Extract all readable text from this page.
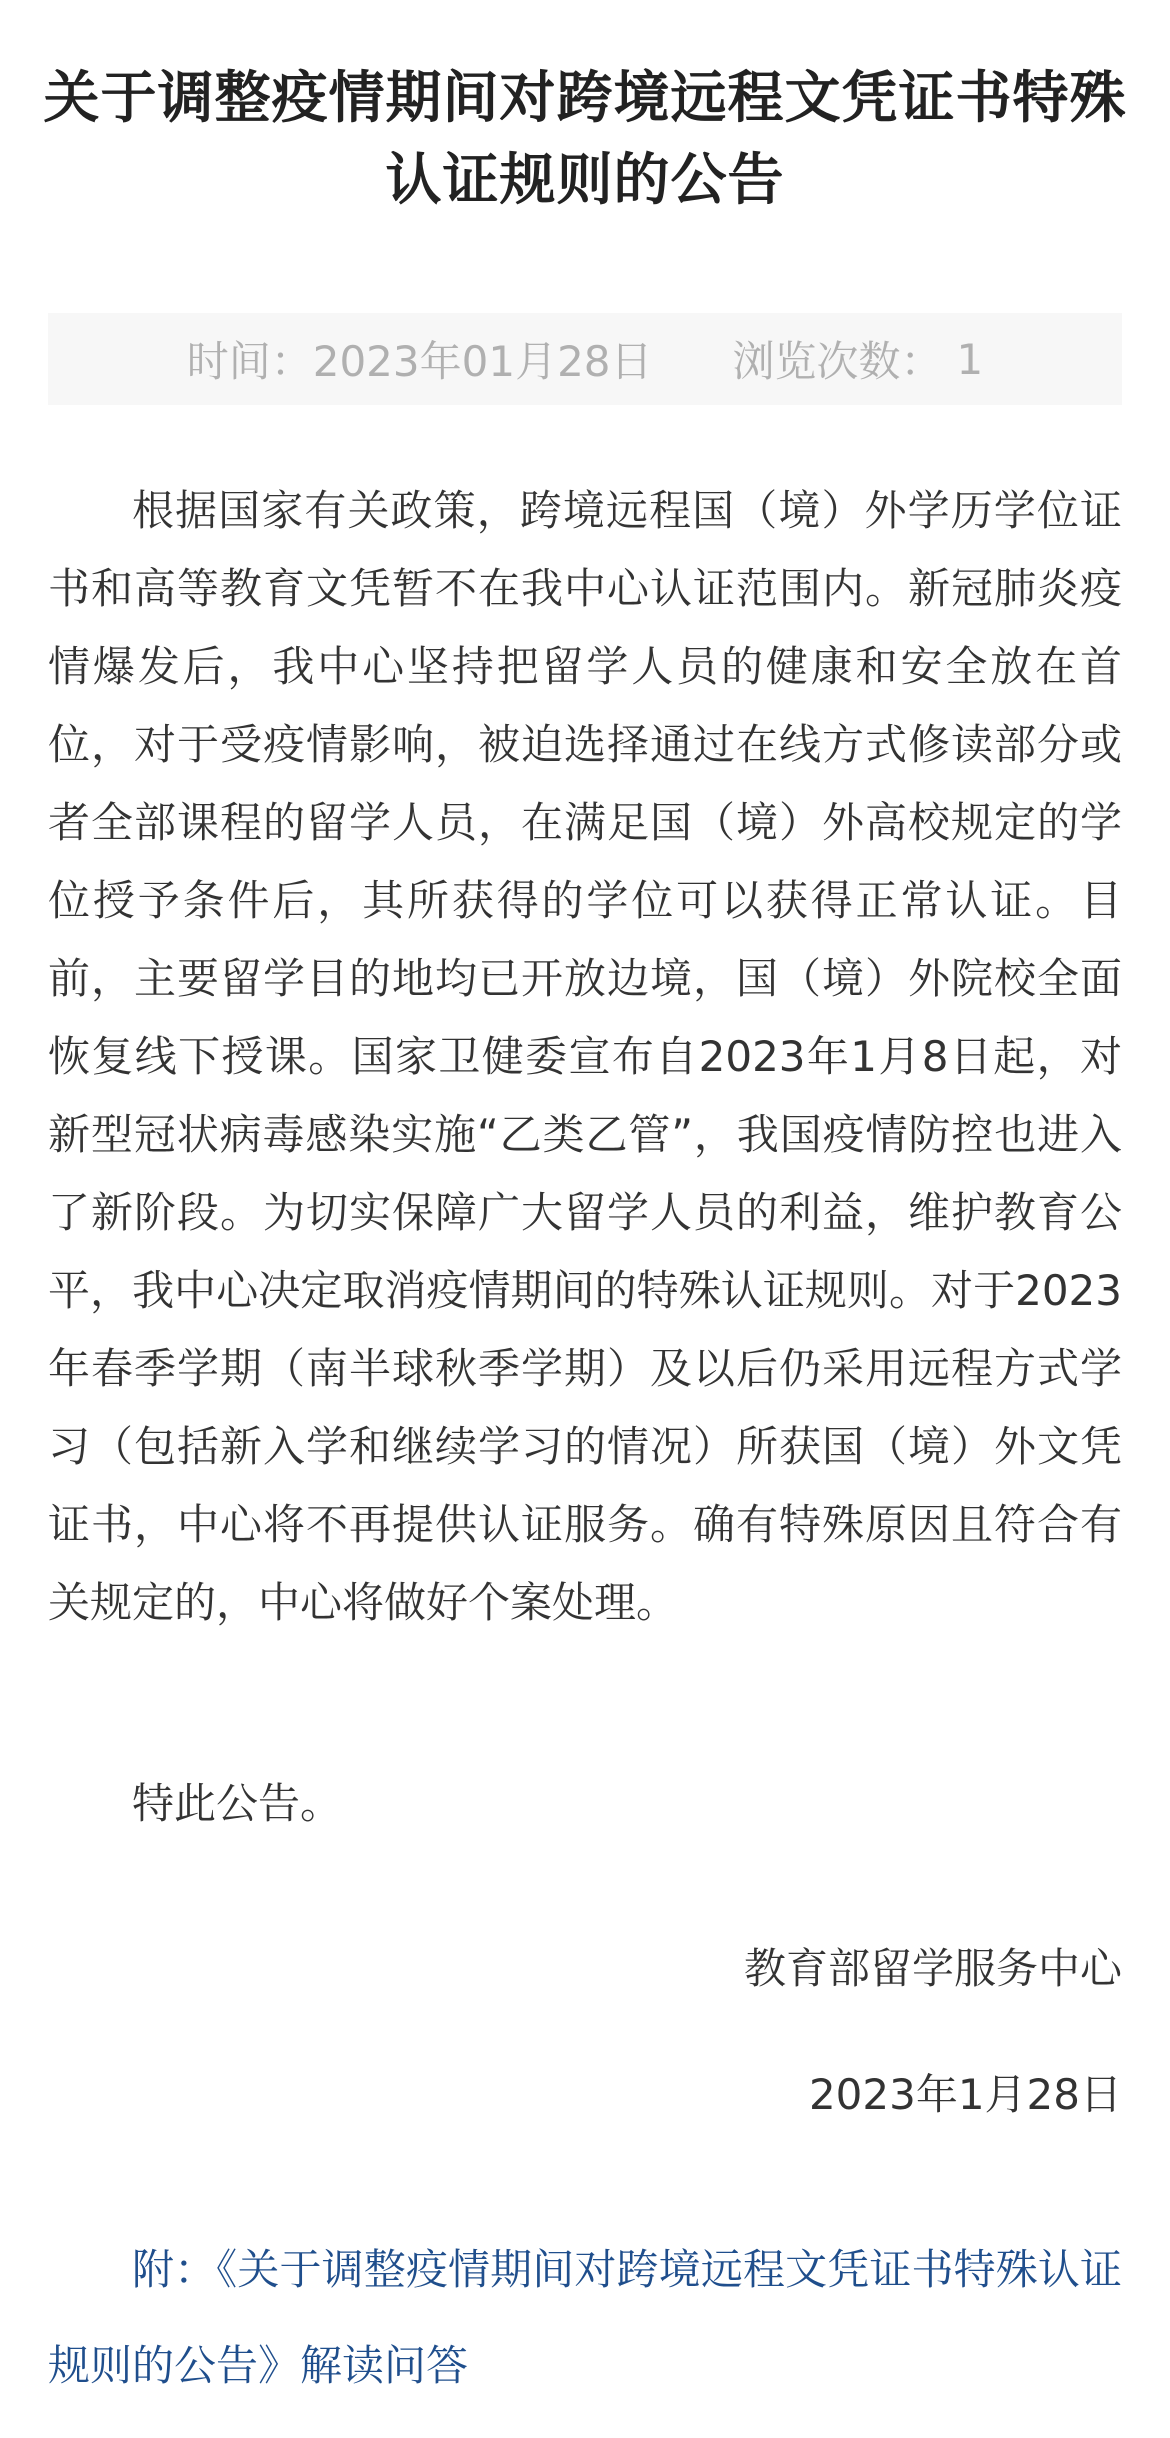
关于调整疫情期间对跨境远程文凭证书特殊认证规则的公告
时间： 2023年01月28日 浏览次数： 1

根据国家有关政策，跨境远程国（境）外学历学位证书和高等教育文凭暂不在我中心认证范围内。新冠肺炎疫情爆发后，我中心坚持把留学人员的健康和安全放在首位，对于受疫情影响，被迫选择通过在线方式修读部分或者全部课程的留学人员，在满足国（境）外高校规定的学位授予条件后，其所获得的学位可以获得正常认证。目前，主要留学目的地均已开放边境，国（境）外院校全面恢复线下授课。国家卫健委宣布自2023年1月8日起，对新型冠状病毒感染实施“乙类乙管”，我国疫情防控也进入了新阶段。为切实保障广大留学人员的利益，维护教育公平，我中心决定取消疫情期间的特殊认证规则。对于2023年春季学期（南半球秋季学期）及以后仍采用远程方式学习（包括新入学和继续学习的情况）所获国（境）外文凭证书，中心将不再提供认证服务。确有特殊原因且符合有关规定的，中心将做好个案处理。

特此公告。

教育部留学服务中心

2023年1月28日

附：《关于调整疫情期间对跨境远程文凭证书特殊认证规则的公告》解读问答
